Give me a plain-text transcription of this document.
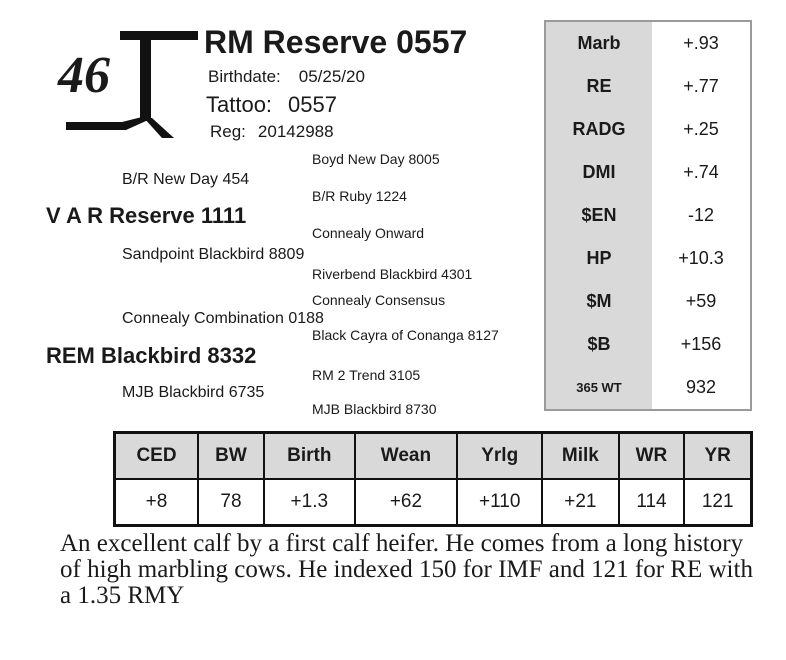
46
RM Reserve 0557
Birthdate: 05/25/20
Tattoo: 0557
Reg: 20142988
Boyd New Day 8005
B/R New Day 454
B/R Ruby 1224
V A R Reserve 1111
Connealy Onward
Sandpoint Blackbird 8809
Riverbend Blackbird 4301
Connealy Consensus
Connealy Combination 0188
Black Cayra of Conanga 8127
REM Blackbird 8332
RM 2 Trend 3105
MJB Blackbird 6735
MJB Blackbird 8730
Marb	+.93
RE	+.77
RADG	+.25
DMI	+.74
$EN	-12
HP	+10.3
$M	+59
$B	+156
365 WT	932
CED	BW	Birth	Wean	Yrlg	Milk	WR	YR
+8	78	+1.3	+62	+110	+21	114	121
An excellent calf by a first calf heifer. He comes from a long history of high marbling cows. He indexed 150 for IMF and 121 for RE with a 1.35 RMY
